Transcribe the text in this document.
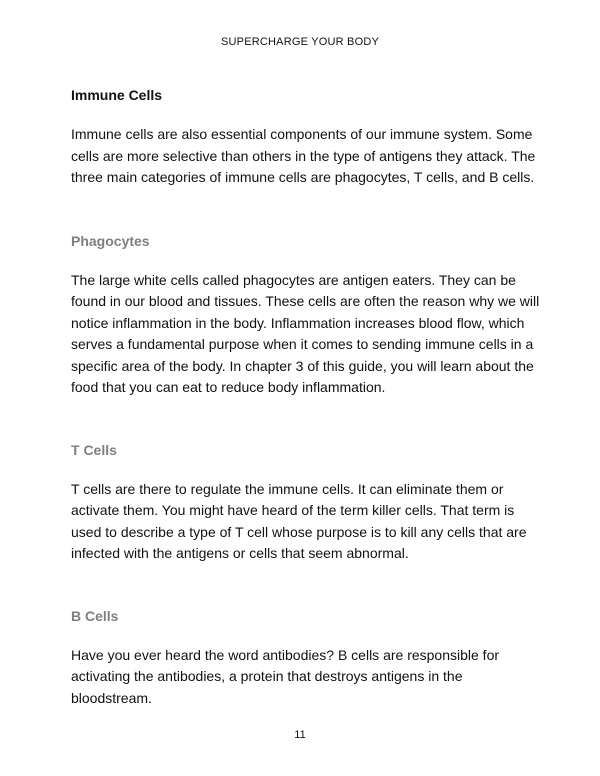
SUPERCHARGE YOUR BODY
Immune Cells

Immune cells are also essential components of our immune system. Some cells are more selective than others in the type of antigens they attack. The three main categories of immune cells are phagocytes, T cells, and B cells.

Phagocytes

The large white cells called phagocytes are antigen eaters. They can be found in our blood and tissues. These cells are often the reason why we will notice inflammation in the body. Inflammation increases blood flow, which serves a fundamental purpose when it comes to sending immune cells in a specific area of the body. In chapter 3 of this guide, you will learn about the food that you can eat to reduce body inflammation.

T Cells

T cells are there to regulate the immune cells. It can eliminate them or activate them. You might have heard of the term killer cells. That term is used to describe a type of T cell whose purpose is to kill any cells that are infected with the antigens or cells that seem abnormal.

B Cells

Have you ever heard the word antibodies? B cells are responsible for activating the antibodies, a protein that destroys antigens in the bloodstream.

11
